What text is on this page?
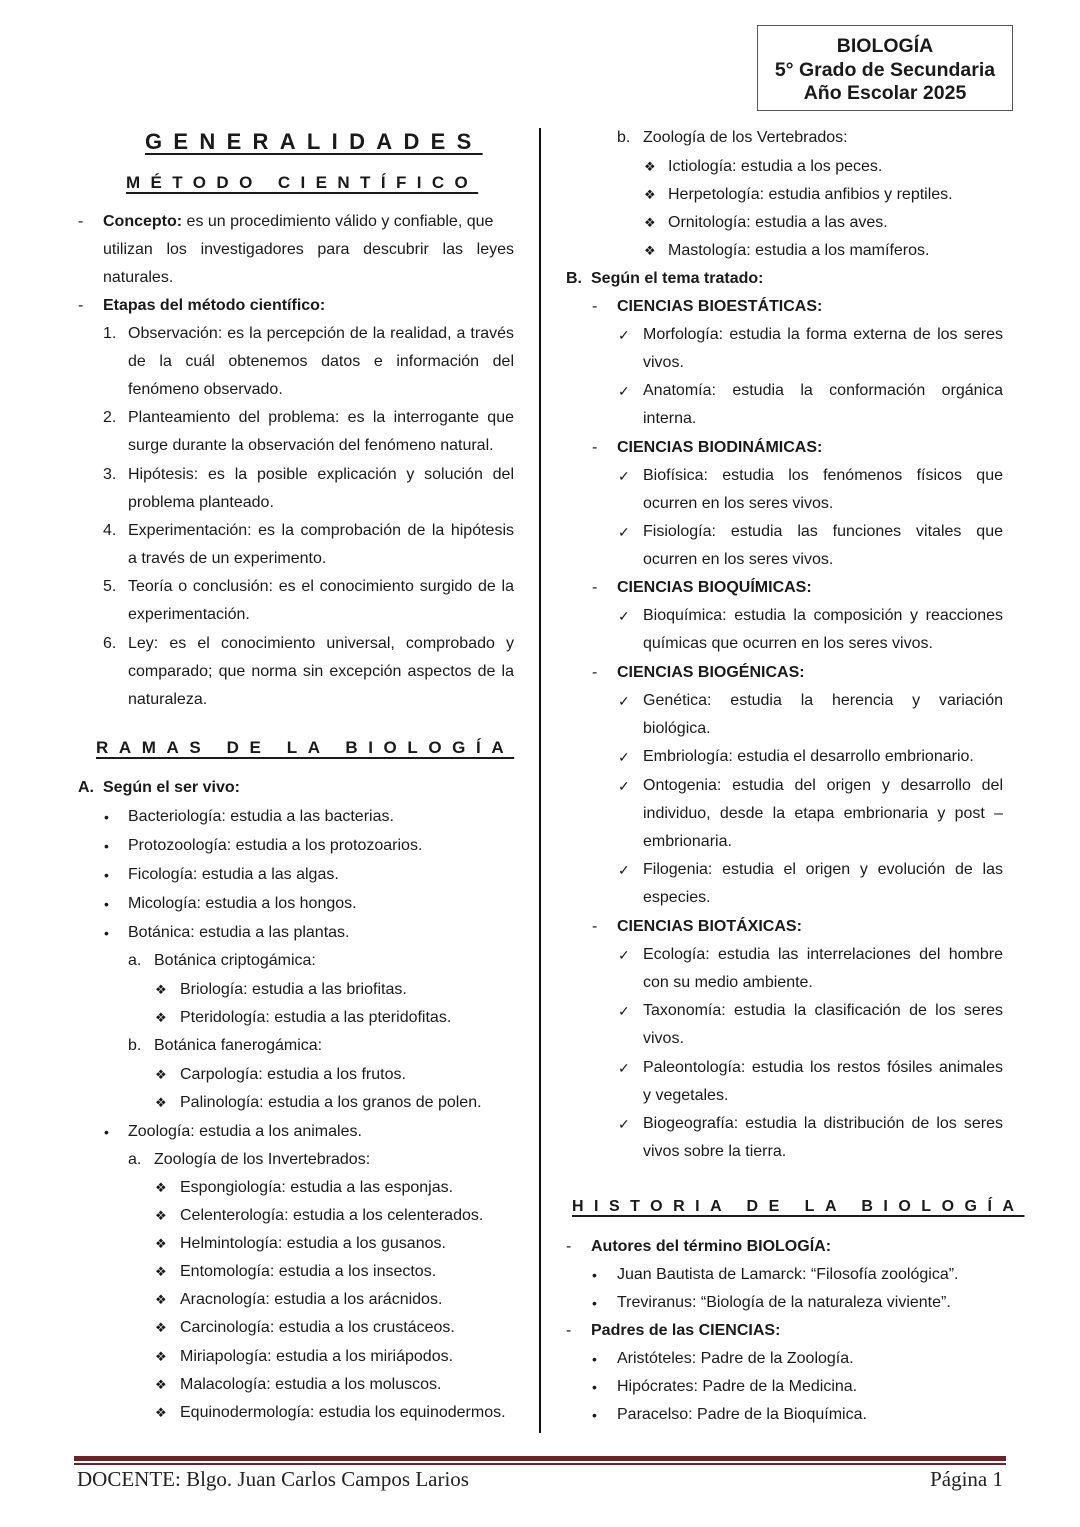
BIOLOGÍA
5° Grado de Secundaria
Año Escolar 2025
GENERALIDADES
MÉTODO CIENTÍFICO
- Concepto: es un procedimiento válido y confiable, que
utilizan los investigadores para descubrir las leyes
naturales.
- Etapas del método científico:
1. Observación: es la percepción de la realidad, a través
de la cuál obtenemos datos e información del
fenómeno observado.
2. Planteamiento del problema: es la interrogante que
surge durante la observación del fenómeno natural.
3. Hipótesis: es la posible explicación y solución del
problema planteado.
4. Experimentación: es la comprobación de la hipótesis
a través de un experimento.
5. Teoría o conclusión: es el conocimiento surgido de la
experimentación.
6. Ley: es el conocimiento universal, comprobado y
comparado; que norma sin excepción aspectos de la
naturaleza.
RAMAS DE LA BIOLOGÍA
A. Según el ser vivo:
• Bacteriología: estudia a las bacterias.
• Protozoología: estudia a los protozoarios.
• Ficología: estudia a las algas.
• Micología: estudia a los hongos.
• Botánica: estudia a las plantas.
a. Botánica criptogámica:
❖ Briología: estudia a las briofitas.
❖ Pteridología: estudia a las pteridofitas.
b. Botánica fanerogámica:
❖ Carpología: estudia a los frutos.
❖ Palinología: estudia a los granos de polen.
• Zoología: estudia a los animales.
a. Zoología de los Invertebrados:
❖ Espongiología: estudia a las esponjas.
❖ Celenterología: estudia a los celenterados.
❖ Helmintología: estudia a los gusanos.
❖ Entomología: estudia a los insectos.
❖ Aracnología: estudia a los arácnidos.
❖ Carcinología: estudia a los crustáceos.
❖ Miriapología: estudia a los miriápodos.
❖ Malacología: estudia a los moluscos.
❖ Equinodermología: estudia los equinodermos.
b. Zoología de los Vertebrados:
❖ Ictiología: estudia a los peces.
❖ Herpetología: estudia anfibios y reptiles.
❖ Ornitología: estudia a las aves.
❖ Mastología: estudia a los mamíferos.
B. Según el tema tratado:
- CIENCIAS BIOESTÁTICAS:
✓ Morfología: estudia la forma externa de los seres
vivos.
✓ Anatomía: estudia la conformación orgánica
interna.
- CIENCIAS BIODINÁMICAS:
✓ Biofísica: estudia los fenómenos físicos que
ocurren en los seres vivos.
✓ Fisiología: estudia las funciones vitales que
ocurren en los seres vivos.
- CIENCIAS BIOQUÍMICAS:
✓ Bioquímica: estudia la composición y reacciones
químicas que ocurren en los seres vivos.
- CIENCIAS BIOGÉNICAS:
✓ Genética: estudia la herencia y variación
biológica.
✓ Embriología: estudia el desarrollo embrionario.
✓ Ontogenia: estudia del origen y desarrollo del
individuo, desde la etapa embrionaria y post –
embrionaria.
✓ Filogenia: estudia el origen y evolución de las
especies.
- CIENCIAS BIOTÁXICAS:
✓ Ecología: estudia las interrelaciones del hombre
con su medio ambiente.
✓ Taxonomía: estudia la clasificación de los seres
vivos.
✓ Paleontología: estudia los restos fósiles animales
y vegetales.
✓ Biogeografía: estudia la distribución de los seres
vivos sobre la tierra.
HISTORIA DE LA BIOLOGÍA
- Autores del término BIOLOGÍA:
• Juan Bautista de Lamarck: “Filosofía zoológica”.
• Treviranus: “Biología de la naturaleza viviente”.
- Padres de las CIENCIAS:
• Aristóteles: Padre de la Zoología.
• Hipócrates: Padre de la Medicina.
• Paracelso: Padre de la Bioquímica.
DOCENTE: Blgo. Juan Carlos Campos Larios	Página 1
